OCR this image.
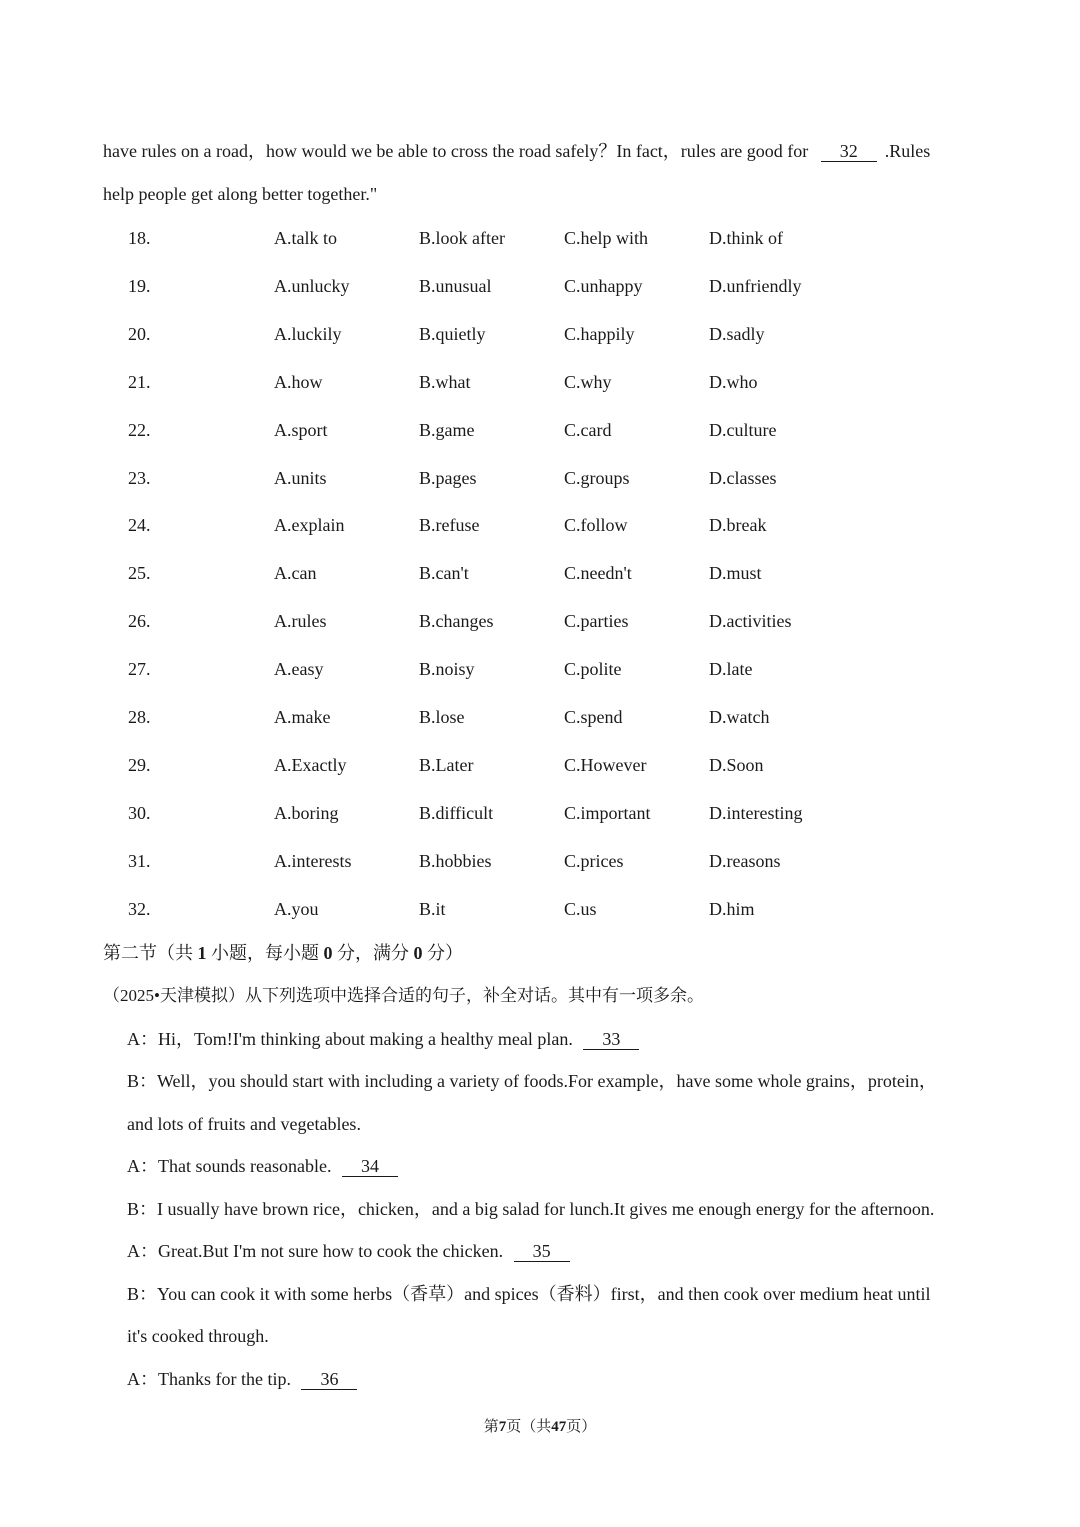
have rules on a road，how would we be able to cross the road safely？In fact，rules are good for 32 .Rules
help people get along better together."
18.	A.talk to	B.look after	C.help with	D.think of
19.	A.unlucky	B.unusual	C.unhappy	D.unfriendly
20.	A.luckily	B.quietly	C.happily	D.sadly
21.	A.how	B.what	C.why	D.who
22.	A.sport	B.game	C.card	D.culture
23.	A.units	B.pages	C.groups	D.classes
24.	A.explain	B.refuse	C.follow	D.break
25.	A.can	B.can't	C.needn't	D.must
26.	A.rules	B.changes	C.parties	D.activities
27.	A.easy	B.noisy	C.polite	D.late
28.	A.make	B.lose	C.spend	D.watch
29.	A.Exactly	B.Later	C.However	D.Soon
30.	A.boring	B.difficult	C.important	D.interesting
31.	A.interests	B.hobbies	C.prices	D.reasons
32.	A.you	B.it	C.us	D.him
第二节（共 1 小题，每小题 0 分，满分 0 分）
（2025•天津模拟）从下列选项中选择合适的句子，补全对话。其中有一项多余。
A：Hi，Tom!I'm thinking about making a healthy meal plan. 33
B：Well，you should start with including a variety of foods.For example，have some whole grains，protein，
and lots of fruits and vegetables.
A：That sounds reasonable. 34
B：I usually have brown rice，chicken，and a big salad for lunch.It gives me enough energy for the afternoon.
A：Great.But I'm not sure how to cook the chicken. 35
B：You can cook it with some herbs（香草）and spices（香料）first，and then cook over medium heat until
it's cooked through.
A：Thanks for the tip. 36
第7页（共47页）
